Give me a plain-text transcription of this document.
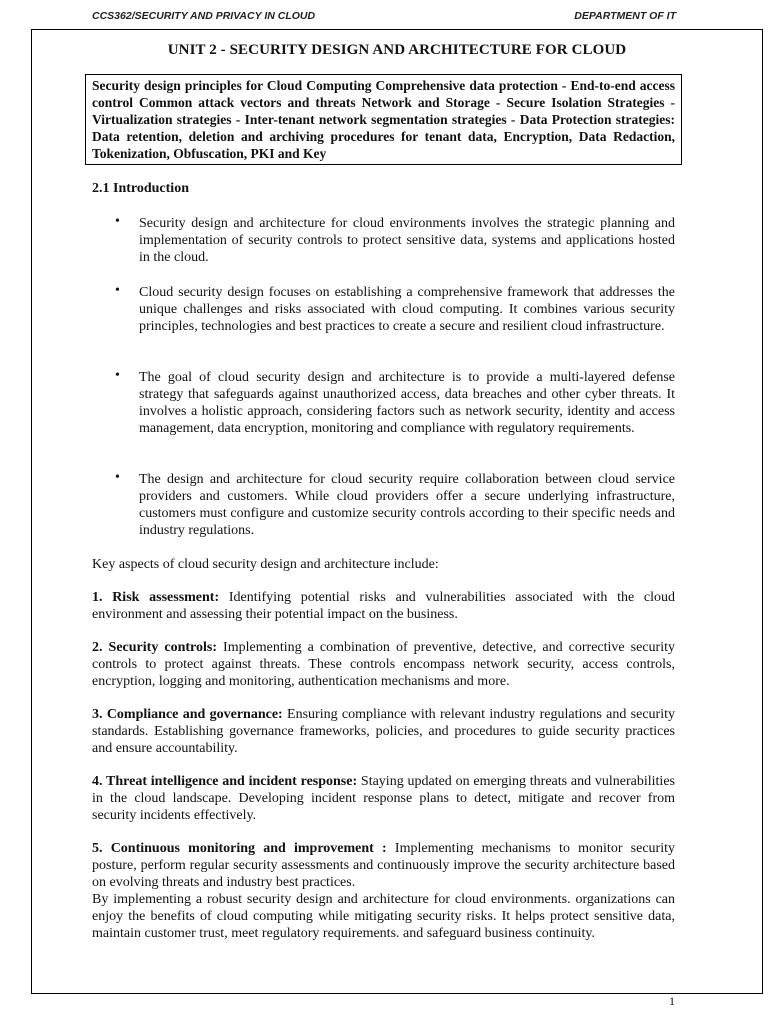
CCS362/SECURITY AND PRIVACY IN CLOUD	DEPARTMENT OF IT
UNIT 2 - SECURITY DESIGN AND ARCHITECTURE FOR CLOUD
Security design principles for Cloud Computing Comprehensive data protection - End-to-end access control Common attack vectors and threats Network and Storage - Secure Isolation Strategies - Virtualization strategies - Inter-tenant network segmentation strategies - Data Protection strategies: Data retention, deletion and archiving procedures for tenant data, Encryption, Data Redaction, Tokenization, Obfuscation, PKI and Key
2.1 Introduction
• Security design and architecture for cloud environments involves the strategic planning and implementation of security controls to protect sensitive data, systems and applications hosted in the cloud.

• Cloud security design focuses on establishing a comprehensive framework that addresses the unique challenges and risks associated with cloud computing. It combines various security principles, technologies and best practices to create a secure and resilient cloud infrastructure.

• The goal of cloud security design and architecture is to provide a multi-layered defense strategy that safeguards against unauthorized access, data breaches and other cyber threats. It involves a holistic approach, considering factors such as network security, identity and access management, data encryption, monitoring and compliance with regulatory requirements.

• The design and architecture for cloud security require collaboration between cloud service providers and customers. While cloud providers offer a secure underlying infrastructure, customers must configure and customize security controls according to their specific needs and industry regulations.

Key aspects of cloud security design and architecture include:

1. Risk assessment: Identifying potential risks and vulnerabilities associated with the cloud environment and assessing their potential impact on the business.

2. Security controls: Implementing a combination of preventive, detective, and corrective security controls to protect against threats. These controls encompass network security, access controls, encryption, logging and monitoring, authentication mechanisms and more.

3. Compliance and governance: Ensuring compliance with relevant industry regulations and security standards. Establishing governance frameworks, policies, and procedures to guide security practices and ensure accountability.

4. Threat intelligence and incident response: Staying updated on emerging threats and vulnerabilities in the cloud landscape. Developing incident response plans to detect, mitigate and recover from security incidents effectively.

5. Continuous monitoring and improvement : Implementing mechanisms to monitor security posture, perform regular security assessments and continuously improve the security architecture based on evolving threats and industry best practices.

By implementing a robust security design and architecture for cloud environments. organizations can enjoy the benefits of cloud computing while mitigating security risks. It helps protect sensitive data, maintain customer trust, meet regulatory requirements. and safeguard business continuity.

1
